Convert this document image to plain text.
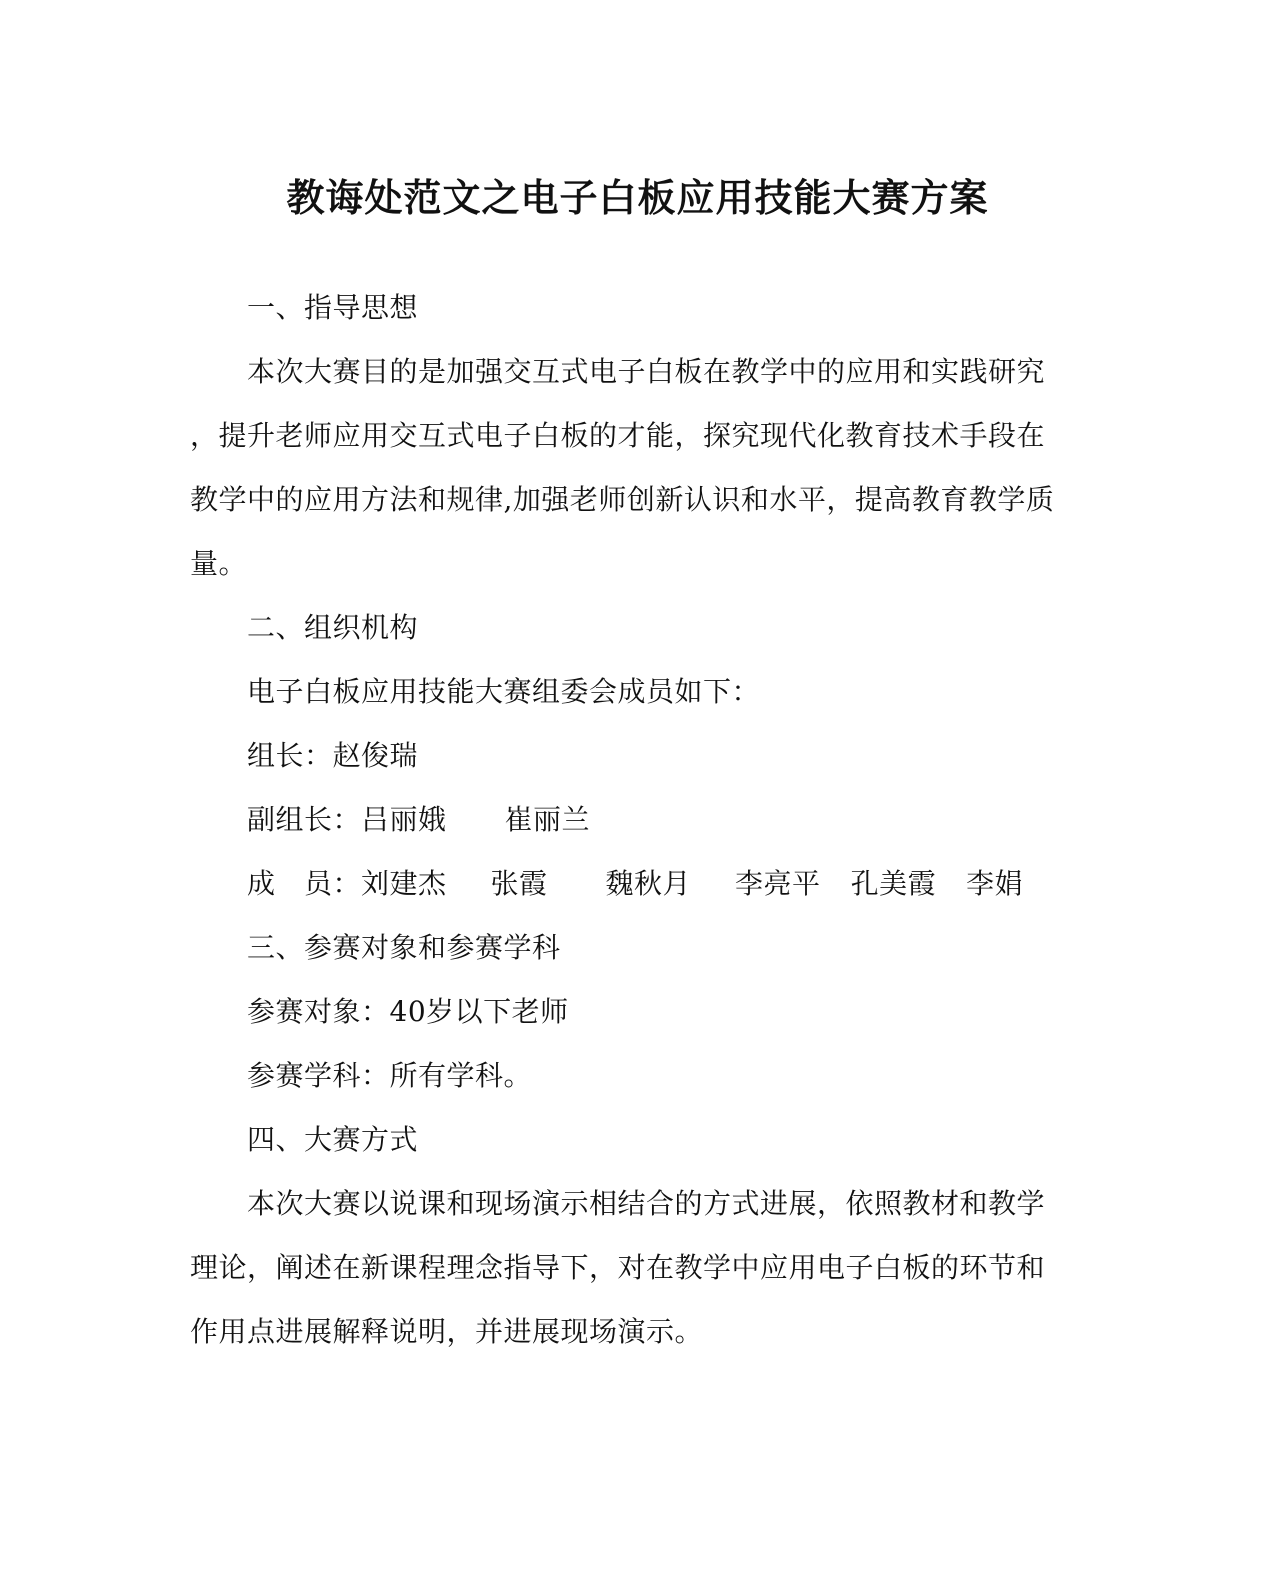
教诲处范文之电子白板应用技能大赛方案
一、指导思想
本次大赛目的是加强交互式电子白板在教学中的应用和实践研究
，提升老师应用交互式电子白板的才能，探究现代化教育技术手段在
教学中的应用方法和规律,加强老师创新认识和水平，提高教育教学质
量。
二、组织机构
电子白板应用技能大赛组委会成员如下：
组长：赵俊瑞
副组长：吕丽娥 崔丽兰
成　员：刘建杰 张霞 魏秋月 李亮平 孔美霞 李娟
三、参赛对象和参赛学科
参赛对象：40岁以下老师
参赛学科：所有学科。
四、大赛方式
本次大赛以说课和现场演示相结合的方式进展，依照教材和教学
理论，阐述在新课程理念指导下，对在教学中应用电子白板的环节和
作用点进展解释说明，并进展现场演示。
